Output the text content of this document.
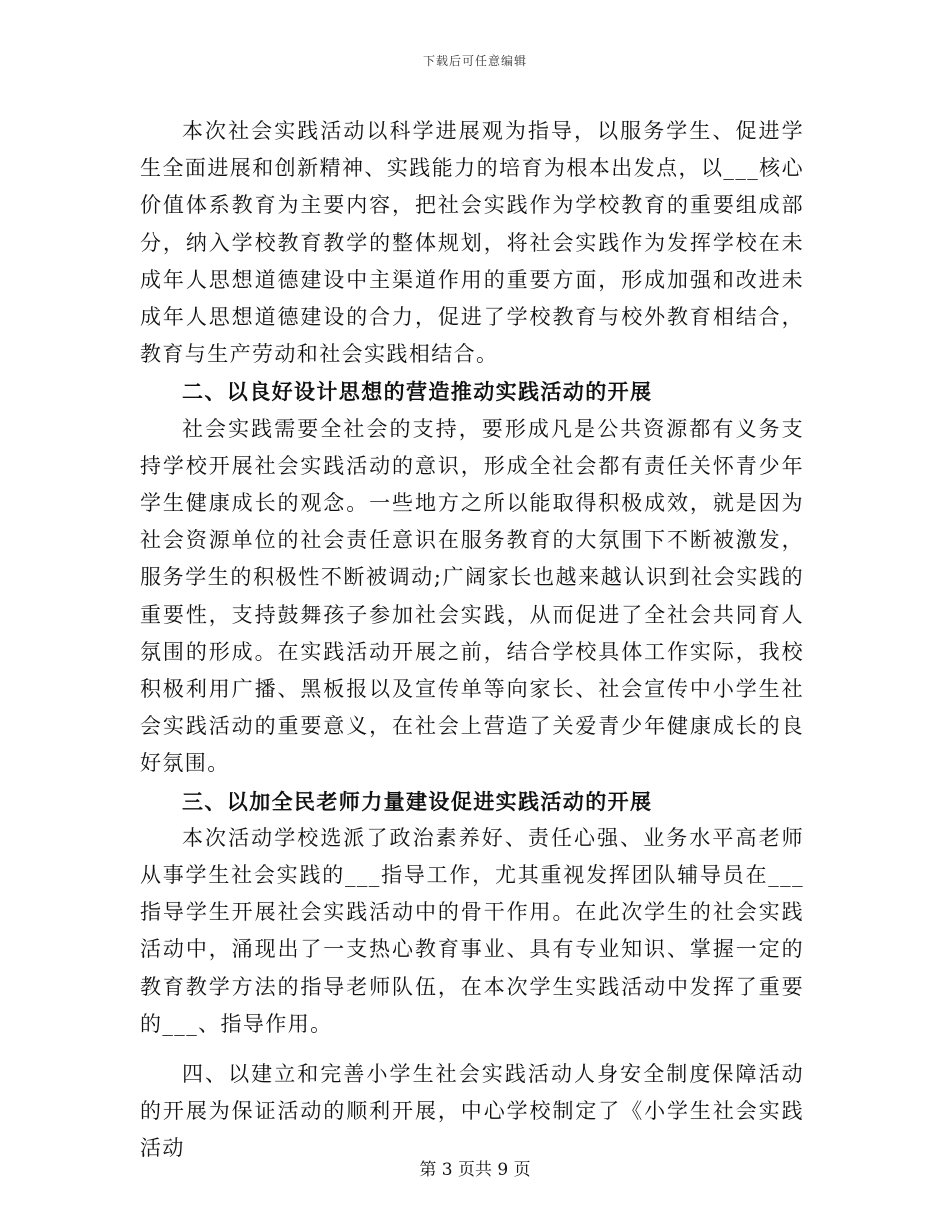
下载后可任意编辑

本次社会实践活动以科学进展观为指导，以服务学生、促进学生全面进展和创新精神、实践能力的培育为根本出发点，以___核心价值体系教育为主要内容，把社会实践作为学校教育的重要组成部分，纳入学校教育教学的整体规划，将社会实践作为发挥学校在未成年人思想道德建设中主渠道作用的重要方面，形成加强和改进未成年人思想道德建设的合力，促进了学校教育与校外教育相结合，教育与生产劳动和社会实践相结合。

二、以良好设计思想的营造推动实践活动的开展

社会实践需要全社会的支持，要形成凡是公共资源都有义务支持学校开展社会实践活动的意识，形成全社会都有责任关怀青少年学生健康成长的观念。一些地方之所以能取得积极成效，就是因为社会资源单位的社会责任意识在服务教育的大氛围下不断被激发，服务学生的积极性不断被调动;广阔家长也越来越认识到社会实践的重要性，支持鼓舞孩子参加社会实践，从而促进了全社会共同育人氛围的形成。在实践活动开展之前，结合学校具体工作实际，我校积极利用广播、黑板报以及宣传单等向家长、社会宣传中小学生社会实践活动的重要意义，在社会上营造了关爱青少年健康成长的良好氛围。

三、以加全民老师力量建设促进实践活动的开展

本次活动学校选派了政治素养好、责任心强、业务水平高老师从事学生社会实践的___指导工作，尤其重视发挥团队辅导员在___指导学生开展社会实践活动中的骨干作用。在此次学生的社会实践活动中，涌现出了一支热心教育事业、具有专业知识、掌握一定的教育教学方法的指导老师队伍，在本次学生实践活动中发挥了重要的___、指导作用。

四、以建立和完善小学生社会实践活动人身安全制度保障活动的开展为保证活动的顺利开展，中心学校制定了《小学生社会实践活动

第 3 页共 9 页
